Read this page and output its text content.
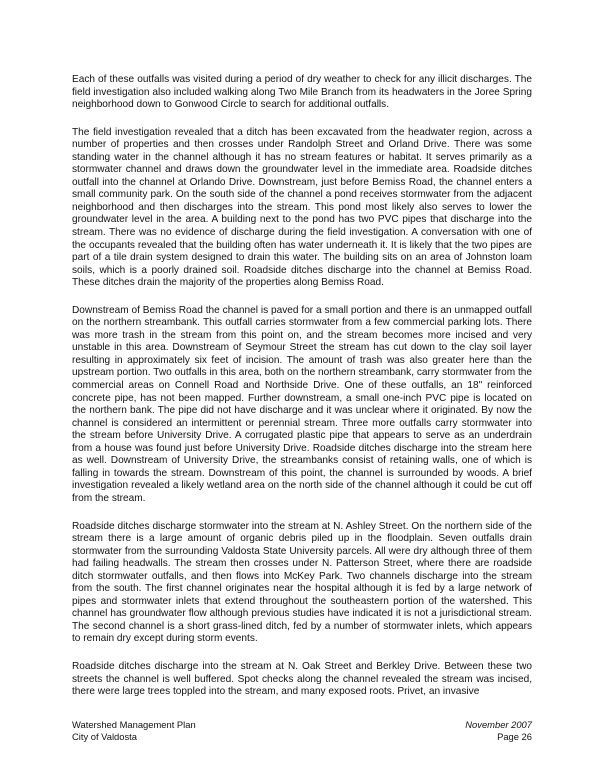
Each of these outfalls was visited during a period of dry weather to check for any illicit discharges. The field investigation also included walking along Two Mile Branch from its headwaters in the Joree Spring neighborhood down to Gonwood Circle to search for additional outfalls.

The field investigation revealed that a ditch has been excavated from the headwater region, across a number of properties and then crosses under Randolph Street and Orland Drive. There was some standing water in the channel although it has no stream features or habitat. It serves primarily as a stormwater channel and draws down the groundwater level in the immediate area. Roadside ditches outfall into the channel at Orlando Drive. Downstream, just before Bemiss Road, the channel enters a small community park. On the south side of the channel a pond receives stormwater from the adjacent neighborhood and then discharges into the stream. This pond most likely also serves to lower the groundwater level in the area. A building next to the pond has two PVC pipes that discharge into the stream. There was no evidence of discharge during the field investigation. A conversation with one of the occupants revealed that the building often has water underneath it. It is likely that the two pipes are part of a tile drain system designed to drain this water. The building sits on an area of Johnston loam soils, which is a poorly drained soil. Roadside ditches discharge into the channel at Bemiss Road. These ditches drain the majority of the properties along Bemiss Road.

Downstream of Bemiss Road the channel is paved for a small portion and there is an unmapped outfall on the northern streambank. This outfall carries stormwater from a few commercial parking lots. There was more trash in the stream from this point on, and the stream becomes more incised and very unstable in this area. Downstream of Seymour Street the stream has cut down to the clay soil layer resulting in approximately six feet of incision. The amount of trash was also greater here than the upstream portion. Two outfalls in this area, both on the northern streambank, carry stormwater from the commercial areas on Connell Road and Northside Drive. One of these outfalls, an 18" reinforced concrete pipe, has not been mapped. Further downstream, a small one-inch PVC pipe is located on the northern bank. The pipe did not have discharge and it was unclear where it originated. By now the channel is considered an intermittent or perennial stream. Three more outfalls carry stormwater into the stream before University Drive. A corrugated plastic pipe that appears to serve as an underdrain from a house was found just before University Drive. Roadside ditches discharge into the stream here as well. Downstream of University Drive, the streambanks consist of retaining walls, one of which is falling in towards the stream. Downstream of this point, the channel is surrounded by woods. A brief investigation revealed a likely wetland area on the north side of the channel although it could be cut off from the stream.

Roadside ditches discharge stormwater into the stream at N. Ashley Street. On the northern side of the stream there is a large amount of organic debris piled up in the floodplain. Seven outfalls drain stormwater from the surrounding Valdosta State University parcels. All were dry although three of them had failing headwalls. The stream then crosses under N. Patterson Street, where there are roadside ditch stormwater outfalls, and then flows into McKey Park. Two channels discharge into the stream from the south. The first channel originates near the hospital although it is fed by a large network of pipes and stormwater inlets that extend throughout the southeastern portion of the watershed. This channel has groundwater flow although previous studies have indicated it is not a jurisdictional stream. The second channel is a short grass-lined ditch, fed by a number of stormwater inlets, which appears to remain dry except during storm events.

Roadside ditches discharge into the stream at N. Oak Street and Berkley Drive. Between these two streets the channel is well buffered. Spot checks along the channel revealed the stream was incised, there were large trees toppled into the stream, and many exposed roots. Privet, an invasive

Watershed Management Plan
City of Valdosta
November 2007
Page 26
